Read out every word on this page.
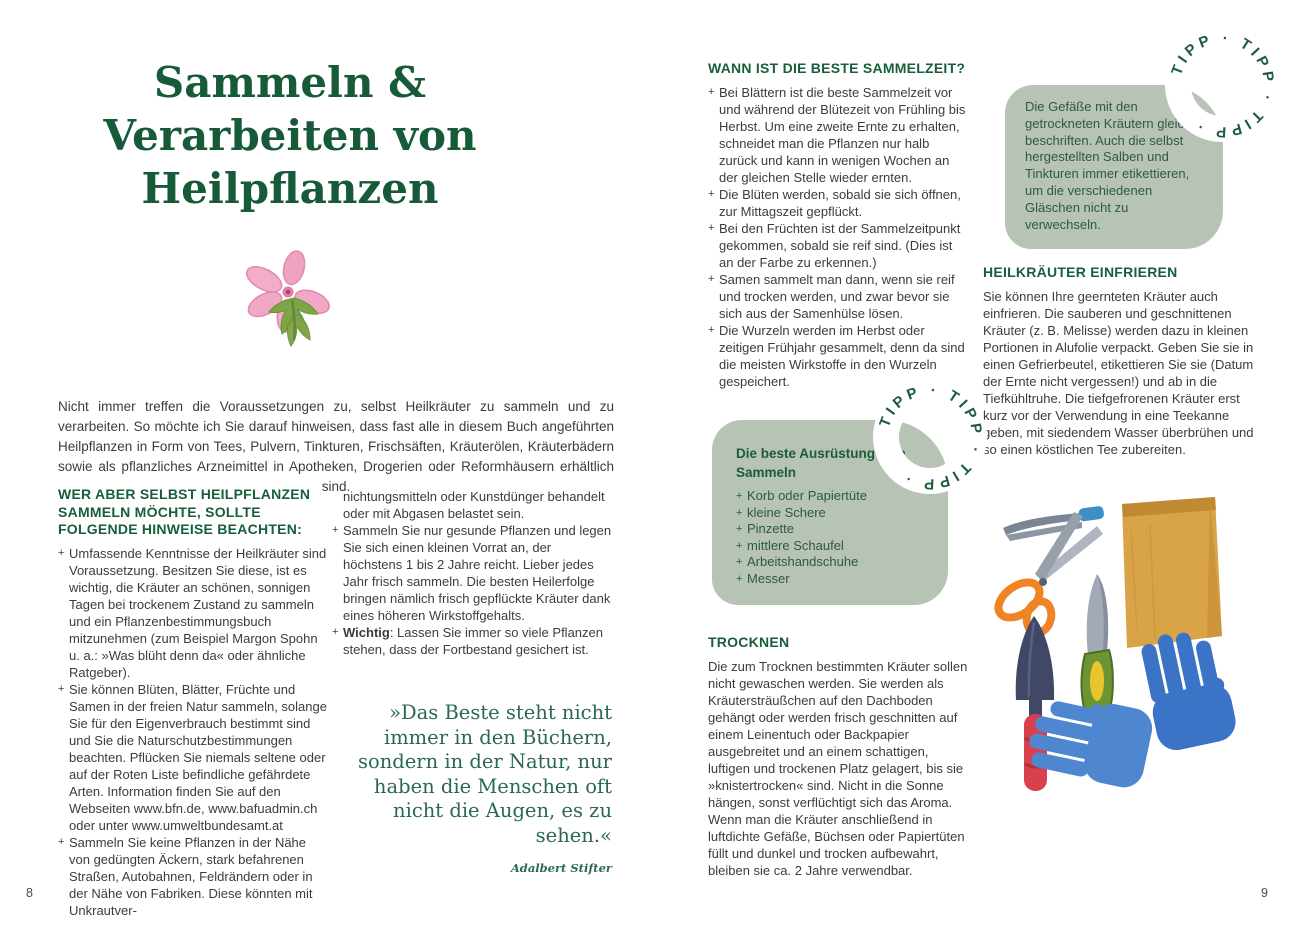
Sammeln &
Verarbeiten von
Heilpflanzen

Nicht immer treffen die Voraussetzungen zu, selbst Heilkräuter zu sammeln und zu verarbeiten. So möchte ich Sie darauf hinweisen, dass fast alle in diesem Buch angeführten Heilpflanzen in Form von Tees, Pulvern, Tinkturen, Frischsäften, Kräuterölen, Kräuterbädern sowie als pflanzliches Arzneimittel in Apotheken, Drogerien oder Reformhäusern erhältlich sind.

WER ABER SELBST HEILPFLANZEN SAMMELN MÖCHTE, SOLLTE FOLGENDE HINWEISE BEACHTEN:
+ Umfassende Kenntnisse der Heilkräuter sind Voraussetzung. Besitzen Sie diese, ist es wichtig, die Kräuter an schönen, sonnigen Tagen bei trockenem Zustand zu sammeln und ein Pflanzenbestimmungsbuch mitzunehmen (zum Beispiel Margon Spohn u. a.: »Was blüht denn da« oder ähnliche Ratgeber).
+ Sie können Blüten, Blätter, Früchte und Samen in der freien Natur sammeln, solange Sie für den Eigenverbrauch bestimmt sind und Sie die Naturschutzbestimmungen beachten. Pflücken Sie niemals seltene oder auf der Roten Liste befindliche gefährdete Arten. Information finden Sie auf den Webseiten www.bfn.de, www.bafuadmin.ch oder unter www.umweltbundesamt.at
+ Sammeln Sie keine Pflanzen in der Nähe von gedüngten Äckern, stark befahrenen Straßen, Autobahnen, Feldrändern oder in der Nähe von Fabriken. Diese könnten mit Unkrautver-

nichtungsmitteln oder Kunstdünger behandelt oder mit Abgasen belastet sein.

+ Sammeln Sie nur gesunde Pflanzen und legen Sie sich einen kleinen Vorrat an, der höchstens 1 bis 2 Jahre reicht. Lieber jedes Jahr frisch sammeln. Die besten Heilerfolge bringen nämlich frisch gepflückte Kräuter dank eines höheren Wirkstoffgehalts.
+ Wichtig: Lassen Sie immer so viele Pflanzen stehen, dass der Fortbestand gesichert ist.
»Das Beste steht nicht immer in den Büchern, sondern in der Natur, nur haben die Menschen oft nicht die Augen, es zu sehen.«
Adalbert Stifter
8
WANN IST DIE BESTE SAMMELZEIT?
+ Bei Blättern ist die beste Sammelzeit vor und während der Blütezeit von Frühling bis Herbst. Um eine zweite Ernte zu erhalten, schneidet man die Pflanzen nur halb zurück und kann in wenigen Wochen an der gleichen Stelle wieder ernten.
+ Die Blüten werden, sobald sie sich öffnen, zur Mittagszeit gepflückt.
+ Bei den Früchten ist der Sammelzeitpunkt gekommen, sobald sie reif sind. (Dies ist an der Farbe zu erkennen.)
+ Samen sammelt man dann, wenn sie reif und trocken werden, und zwar bevor sie sich aus der Samenhülse lösen.
+ Die Wurzeln werden im Herbst oder zeitigen Frühjahr gesammelt, denn da sind die meisten Wirkstoffe in den Wurzeln gespeichert.
Die Gefäße mit den getrockneten Kräutern gleich beschriften. Auch die selbst hergestellten Salben und Tinkturen immer etikettieren, um die verschiedenen Gläschen nicht zu verwechseln.
TIPP · TIPP · TIPP ·
HEILKRÄUTER EINFRIEREN

Sie können Ihre geernteten Kräuter auch einfrieren. Die sauberen und geschnittenen Kräuter (z. B. Melisse) werden dazu in kleinen Portionen in Alufolie verpackt. Geben Sie sie in einen Gefrierbeutel, etikettieren Sie sie (Datum der Ernte nicht vergessen!) und ab in die Tiefkühltruhe. Die tiefgefrorenen Kräuter erst kurz vor der Verwendung in eine Teekanne geben, mit siedendem Wasser überbrühen und so einen köstlichen Tee zubereiten.

Die beste Ausrüstung zum Sammeln
+ Korb oder Papiertüte
+ kleine Schere
+ Pinzette
+ mittlere Schaufel
+ Arbeitshandschuhe
+ Messer
TIPP · TIPP · TIPP ·
TROCKNEN

Die zum Trocknen bestimmten Kräuter sollen nicht gewaschen werden. Sie werden als Kräutersträußchen auf den Dachboden gehängt oder werden frisch geschnitten auf einem Leinentuch oder Backpapier ausgebreitet und an einem schattigen, luftigen und trockenen Platz gelagert, bis sie »knistertrocken« sind. Nicht in die Sonne hängen, sonst verflüchtigt sich das Aroma. Wenn man die Kräuter anschließend in luftdichte Gefäße, Büchsen oder Papiertüten füllt und dunkel und trocken aufbewahrt, bleiben sie ca. 2 Jahre verwendbar.

9
